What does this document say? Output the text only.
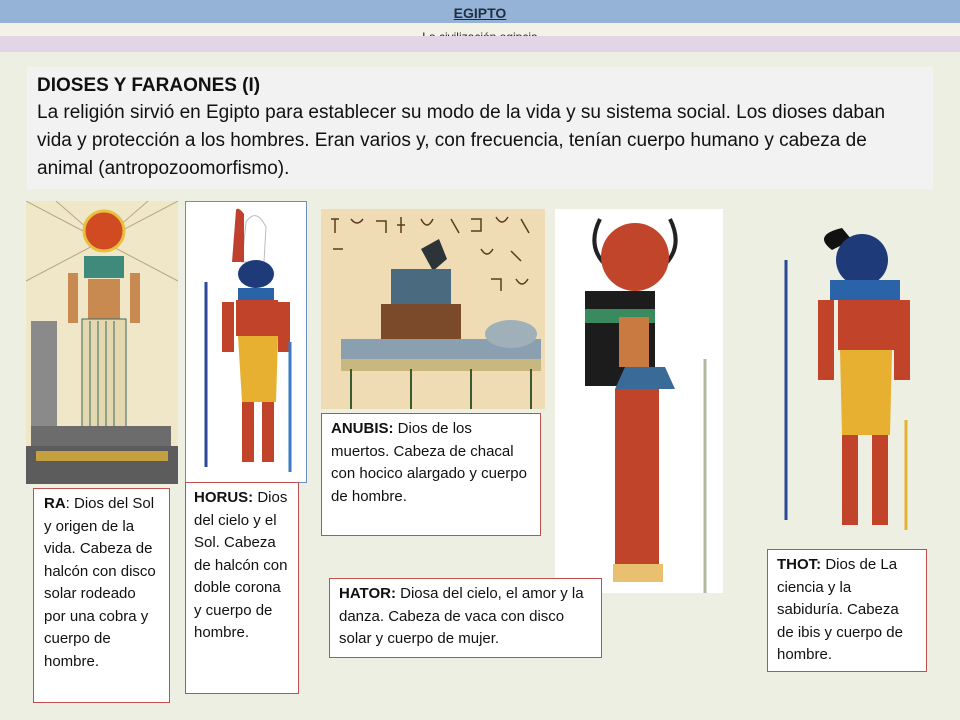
EGIPTO
DIOSES Y FARAONES (I)

La religión sirvió en Egipto para establecer su modo de la vida y su sistema social. Los dioses daban vida y protección a los hombres. Eran varios y, con frecuencia, tenían cuerpo humano y cabeza de animal (antropozoomorfismo).

RA: Dios del Sol y origen de la vida. Cabeza de halcón con disco solar rodeado por una cobra y cuerpo de hombre.
HORUS: Dios del cielo y el Sol. Cabeza de halcón con doble corona y cuerpo de hombre.
ANUBIS: Dios de los muertos. Cabeza de chacal con hocico alargado y cuerpo de hombre.
HATOR: Diosa del cielo, el amor y la danza. Cabeza de vaca con disco solar y cuerpo de mujer.
THOT: Dios de La ciencia y la sabiduría. Cabeza de ibis y cuerpo de hombre.
